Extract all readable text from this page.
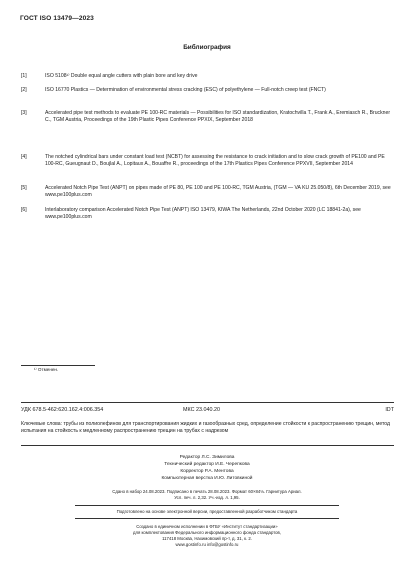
ГОСТ ISO 13479—2023
Библиография
[1]	ISO 5108¹⁾ Double equal angle cutters with plain bore and key drive
[2]	ISO 16770 Plastics — Determination of environmental stress cracking (ESC) of polyethylene — Full-notch creep test (FNCT)
[3]	Accelerated pipe test methods to evaluate PE 100-RC materials — Possibilities for ISO standardization, Kratochvilla T., Frank A., Eremiasch R., Bruckner C., TGM Austria, Proceedings of the 19th Plastic Pipes Conference PPXIX, September 2018
[4]	The notched cylindrical bars under constant load test (NCBT) for assessing the resistance to crack initiation and to slow crack growth of PE100 and PE 100-RC, Gueugnaut D., Boujlal A., Lopitaux A., Bouaffre R., proceedings of the 17th Plastics Pipes Conference PPXVII, September 2014
[5]	Accelerated Notch Pipe Test (ANPT) on pipes made of PE 80, PE 100 and PE 100-RC, TGM Austria, (TGM — VA KU 25.050/8), 6th December 2019, see www.pe100plus.com
[6]	Interlaboratory comparison Accelerated Notch Pipe Test (ANPT) ISO 13479, KIWA The Netherlands, 22nd October 2020 (LC 18841-2a), see www.pe100plus.com
¹⁾ Отменен.
УДК 678.5-462:620.162.4:006.354	МКС 23.040.20	IDT
Ключевые слова: трубы из полиолефинов для транспортирования жидких и газообразных сред, определение стойкости к распространению трещин, метод испытания на стойкость к медленному распространению трещин на трубах с надрезом
Редактор Л.С. Зимилова
Технический редактор И.Е. Черепкова
Корректор Р.А. Ментова
Компьютерная верстка И.Ю. Литовкиной
Сдано в набор 24.08.2023. Подписано в печать 28.08.2023. Формат 60×84⅛. Гарнитура Ариал.
Усл. печ. л. 2,32. Уч.-изд. л. 1,95.
Подготовлено на основе электронной версии, предоставленной разработчиком стандарта
Создано в единичном исполнении в ФГБУ «Институт стандартизации»
для комплектования Федерального информационного фонда стандартов,
117418 Москва, Нахимовский пр-т, д. 31, к. 2.
www.gostinfo.ru info@gostinfo.ru
